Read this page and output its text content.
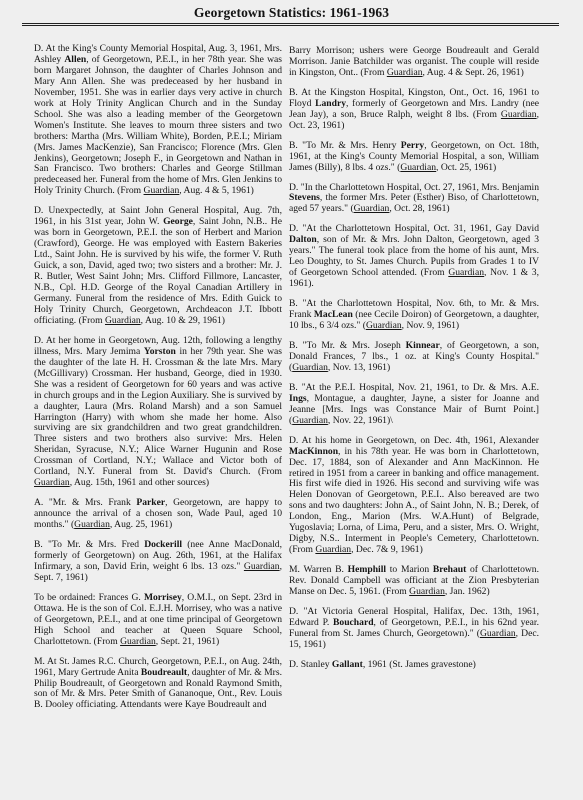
Georgetown Statistics: 1961-1963

D. At the King's County Memorial Hospital, Aug. 3, 1961, Mrs. Ashley Allen, of Georgetown, P.E.I., in her 78th year. She was born Margaret Johnson, the daughter of Charles Johnson and Mary Ann Allen. She was predeceased by her husband in November, 1951. She was in earlier days very active in church work at Holy Trinity Anglican Church and in the Sunday School. She was also a leading member of the Georgetown Women's Institute. She leaves to mourn three sisters and two brothers: Martha (Mrs. William White), Borden, P.E.I.; Miriam (Mrs. James MacKenzie), San Francisco; Florence (Mrs. Glen Jenkins), Georgetown; Joseph F., in Georgetown and Nathan in San Francisco. Two brothers: Charles and George Stillman predeceased her. Funeral from the home of Mrs. Glen Jenkins to Holy Trinity Church. (From Guardian, Aug. 4 & 5, 1961)

D. Unexpectedly, at Saint John General Hospital, Aug. 7th, 1961, in his 31st year, John W. George, Saint John, N.B.. He was born in Georgetown, P.E.I. the son of Herbert and Marion (Crawford), George. He was employed with Eastern Bakeries Ltd., Saint John. He is survived by his wife, the former V. Ruth Guick, a son, David, aged two; two sisters and a brother: Mr. J. R. Butler, West Saint John; Mrs. Clifford Fillmore, Lancaster, N.B., Cpl. H.D. George of the Royal Canadian Artillery in Germany. Funeral from the residence of Mrs. Edith Guick to Holy Trinity Church, Georgetown, Archdeacon J.T. Ibbott officiating. (From Guardian, Aug. 10 & 29, 1961)

D. At her home in Georgetown, Aug. 12th, following a lengthy illness, Mrs. Mary Jemima Yorston in her 79th year. She was the daughter of the late H. H. Crossman & the late Mrs. Mary (McGillivary) Crossman. Her husband, George, died in 1930. She was a resident of Georgetown for 60 years and was active in church groups and in the Legion Auxiliary. She is survived by a daughter, Laura (Mrs. Roland Marsh) and a son Samuel Harrington (Harry) with whom she made her home. Also surviving are six grandchildren and two great grandchildren. Three sisters and two brothers also survive: Mrs. Helen Sheridan, Syracuse, N.Y.; Alice Warner Hugunin and Rose Crossman of Cortland, N.Y.; Wallace and Victor both of Cortland, N.Y. Funeral from St. David's Church. (From Guardian, Aug. 15th, 1961 and other sources)

A. "Mr. & Mrs. Frank Parker, Georgetown, are happy to announce the arrival of a chosen son, Wade Paul, aged 10 months." (Guardian, Aug. 25, 1961)

B. "To Mr. & Mrs. Fred Dockerill (nee Anne MacDonald, formerly of Georgetown) on Aug. 26th, 1961, at the Halifax Infirmary, a son, David Erin, weight 6 lbs. 13 ozs." Guardian, Sept. 7, 1961)

To be ordained: Frances G. Morrisey, O.M.I., on Sept. 23rd in Ottawa. He is the son of Col. E.J.H. Morrisey, who was a native of Georgetown, P.E.I., and at one time principal of Georgetown High School and teacher at Queen Square School, Charlottetown. (From Guardian, Sept. 21, 1961)

M. At St. James R.C. Church, Georgetown, P.E.I., on Aug. 24th, 1961, Mary Gertrude Anita Boudreault, daughter of Mr. & Mrs. Philip Boudreault, of Georgetown and Ronald Raymond Smith, son of Mr. & Mrs. Peter Smith of Gananoque, Ont., Rev. Louis B. Dooley officiating. Attendants were Kaye Boudreault and

Barry Morrison; ushers were George Boudreault and Gerald Morrison. Janie Batchilder was organist. The couple will reside in Kingston, Ont.. (From Guardian, Aug. 4 & Sept. 26, 1961)

B. At the Kingston Hospital, Kingston, Ont., Oct. 16, 1961 to Floyd Landry, formerly of Georgetown and Mrs. Landry (nee Jean Jay), a son, Bruce Ralph, weight 8 lbs. (From Guardian, Oct. 23, 1961)

B. "To Mr. & Mrs. Henry Perry, Georgetown, on Oct. 18th, 1961, at the King's County Memorial Hospital, a son, William James (Billy), 8 lbs. 4 ozs." (Guardian, Oct. 25, 1961)

D. "In the Charlottetown Hospital, Oct. 27, 1961, Mrs. Benjamin Stevens, the former Mrs. Peter (Esther) Biso, of Charlottetown, aged 57 years." (Guardian, Oct. 28, 1961)

D. "At the Charlottetown Hospital, Oct. 31, 1961, Gay David Dalton, son of Mr. & Mrs. John Dalton, Georgetown, aged 3 years." The funeral took place from the home of his aunt, Mrs. Leo Doughty, to St. James Church. Pupils from Grades 1 to IV of Georgetown School attended. (From Guardian, Nov. 1 & 3, 1961).

B. "At the Charlottetown Hospital, Nov. 6th, to Mr. & Mrs. Frank MacLean (nee Cecile Doiron) of Georgetown, a daughter, 10 lbs., 6 3/4 ozs." (Guardian, Nov. 9, 1961)

B. "To Mr. & Mrs. Joseph Kinnear, of Georgetown, a son, Donald Frances, 7 lbs., 1 oz. at King's County Hospital." (Guardian, Nov. 13, 1961)

B. "At the P.E.I. Hospital, Nov. 21, 1961, to Dr. & Mrs. A.E. Ings, Montague, a daughter, Jayne, a sister for Joanne and Jeanne [Mrs. Ings was Constance Mair of Burnt Point.] (Guardian, Nov. 22, 1961)\

D. At his home in Georgetown, on Dec. 4th, 1961, Alexander MacKinnon, in his 78th year. He was born in Charlottetown, Dec. 17, 1884, son of Alexander and Ann MacKinnon. He retired in 1951 from a career in banking and office management. His first wife died in 1926. His second and surviving wife was Helen Donovan of Georgetown, P.E.I.. Also bereaved are two sons and two daughters: John A., of Saint John, N. B.; Derek, of London, Eng., Marion (Mrs. W.A.Hunt) of Belgrade, Yugoslavia; Lorna, of Lima, Peru, and a sister, Mrs. O. Wright, Digby, N.S.. Interment in People's Cemetery, Charlottetown. (From Guardian, Dec. 7& 9, 1961)

M. Warren B. Hemphill to Marion Brehaut of Charlottetown. Rev. Donald Campbell was officiant at the Zion Presbyterian Manse on Dec. 5, 1961. (From Guardian, Jan. 1962)

D. "At Victoria General Hospital, Halifax, Dec. 13th, 1961, Edward P. Bouchard, of Georgetown, P.E.I., in his 62nd year. Funeral from St. James Church, Georgetown)." (Guardian, Dec. 15, 1961)

D. Stanley Gallant, 1961 (St. James gravestone)
